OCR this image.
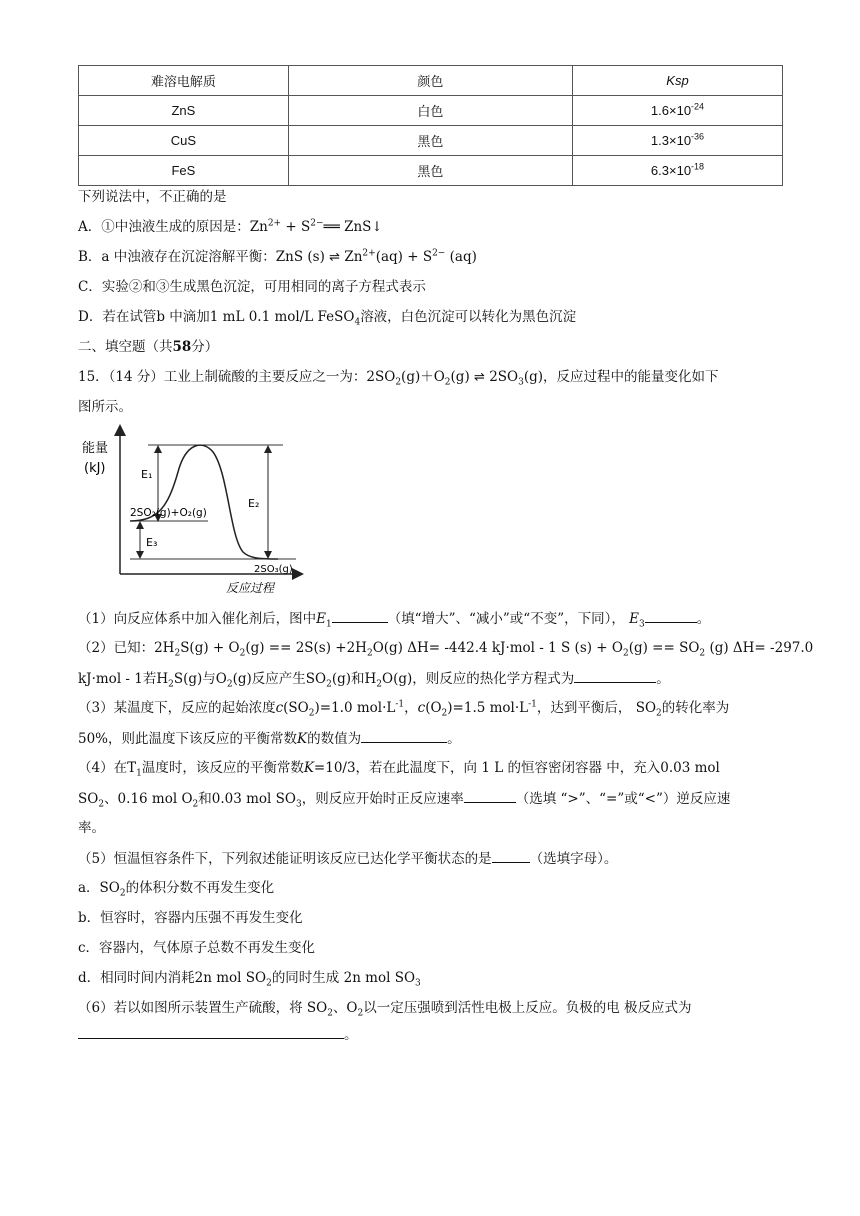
难溶电解质	颜色	Ksp
ZnS	白色	$1.6\times 10^{-24}$
CuS	黑色	$1.3\times 10^{-36}$
FeS	黑色	$6.3\times 10^{-18}$
下列说法中，不正确的是
A．①中浊液生成的原因是：$Zn^{2+}$ + $S^{2-}══$ ZnS↓
B．a 中浊液存在沉淀溶解平衡：ZnS (s) ⇌ $Zn^{2+}(aq) + S^{2-}$ (aq)
C．实验②和③生成黑色沉淀，可用相同的离子方程式表示
D．若在试管b 中滴加1 mL 0.1 mol/L FeSO$_4$溶液，白色沉淀可以转化为黑色沉淀
二、填空题（共58分）
15．（14 分）工业上制硫酸的主要反应之一为：$2SO_2(g)+O_2(g)$ ⇌ $2SO_3(g)$，反应过程中的能量变化如下
图所示。
能量
(kJ)	E₁
E₂
E₃
2SO₂(g)+O₂(g)
2SO₃(g)
反应过程
（1）向反应体系中加入催化剂后，图中$E_1$	（填“增大”、“减小”或“不变”，下同）， $E_3$	。
（2）已知：$2H_2S(g) + O_2(g) == 2S(s) +2H_2O(g)$ ΔH= -442.4 kJ·mol - 1 S $(s) + O_2(g) == SO_2$ (g) ΔH= -297.0
kJ·mol - 1若$H_2S(g)$与$O_2(g)$反应产生$SO_2(g)$和$H_2O(g)$，则反应的热化学方程式为	。
（3）某温度下，反应的起始浓度$c(SO_2)=1.0$ $mol\cdot L^{-1}$，$c(O_2)=1.5$ $mol\cdot L^{-1}$，达到平衡后， $SO_2$的转化率为
50%，则此温度下该反应的平衡常数K的数值为	。
（4）在$T_1$温度时，该反应的平衡常数K=10/3，若在此温度下，向 1 L 的恒容密闭容器 中，充入0.03 mol
$SO_2$、0.16 mol $O_2$和0.03 mol $SO_3$，则反应开始时正反应速率	（选填 “>”、“=”或“<”）逆反应速
率。
（5）恒温恒容条件下，下列叙述能证明该反应已达化学平衡状态的是	（选填字母）。
a．$SO_2$的体积分数不再发生变化
b．恒容时，容器内压强不再发生变化
c．容器内，气体原子总数不再发生变化
d．相同时间内消耗2n mol $SO_2$的同时生成 2n mol $SO_3$
（6）若以如图所示装置生产硫酸，将 $SO_2$、$O_2$以一定压强喷到活性电极上反应。负极的电 极反应式为
。
